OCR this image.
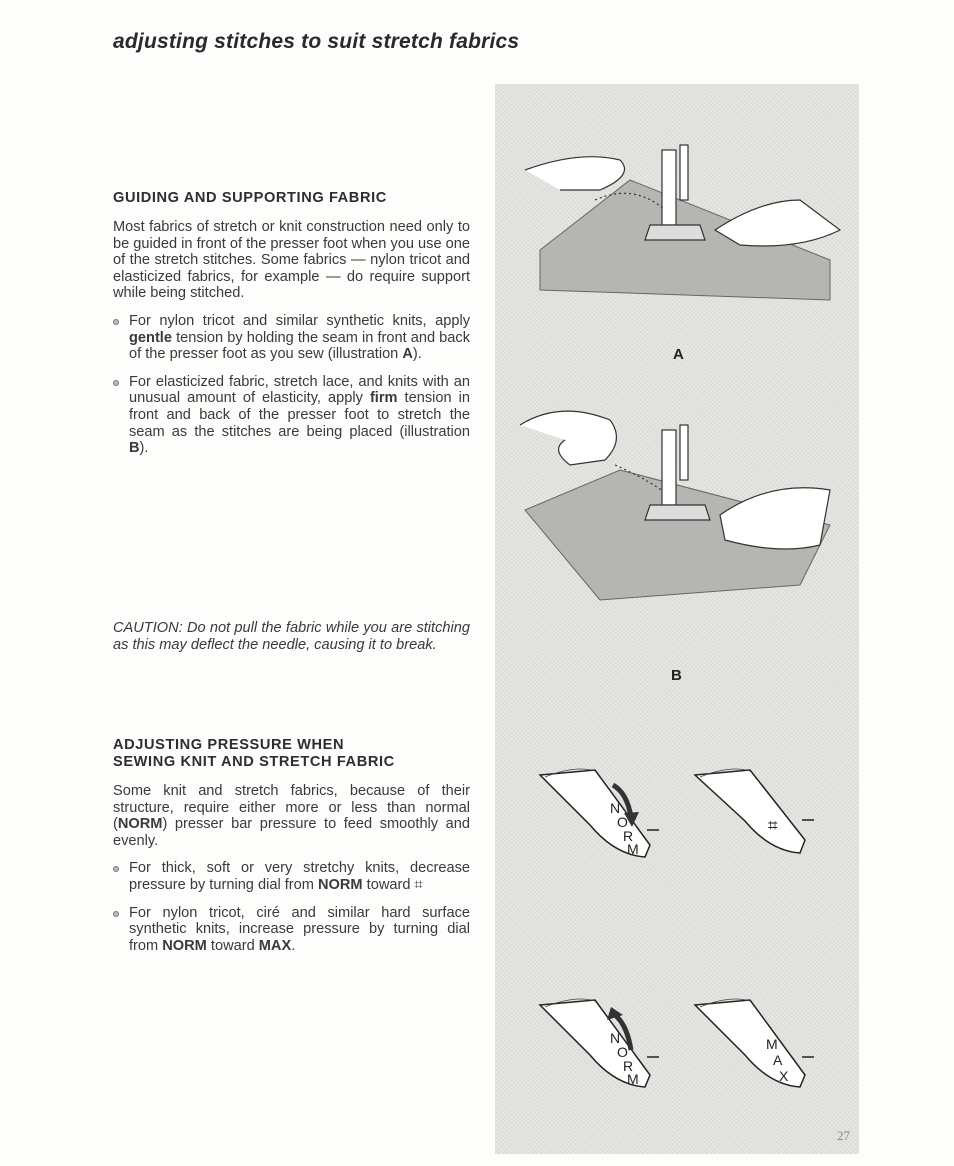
adjusting stitches to suit stretch fabrics
GUIDING AND SUPPORTING FABRIC

Most fabrics of stretch or knit construction need only to be guided in front of the presser foot when you use one of the stretch stitches. Some fabrics — nylon tricot and elasticized fabrics, for example — do require support while being stitched.

For nylon tricot and similar synthetic knits, apply gentle tension by holding the seam in front and back of the presser foot as you sew (illustration A).

For elasticized fabric, stretch lace, and knits with an unusual amount of elasticity, apply firm tension in front and back of the presser foot to stretch the seam as the stitches are being placed (illustration B).

CAUTION: Do not pull the fabric while you are stitching as this may deflect the needle, causing it to break.

ADJUSTING PRESSURE WHEN
SEWING KNIT AND STRETCH FABRIC

Some knit and stretch fabrics, because of their structure, require either more or less than normal (NORM) presser bar pressure to feed smoothly and evenly.

For thick, soft or very stretchy knits, decrease pressure by turning dial from NORM toward ⌗

For nylon tricot, ciré and similar hard surface synthetic knits, increase pressure by turning dial from NORM toward MAX.

A
B
N
O
R
M
⌗
N
O
R
M
M
A
X
27
